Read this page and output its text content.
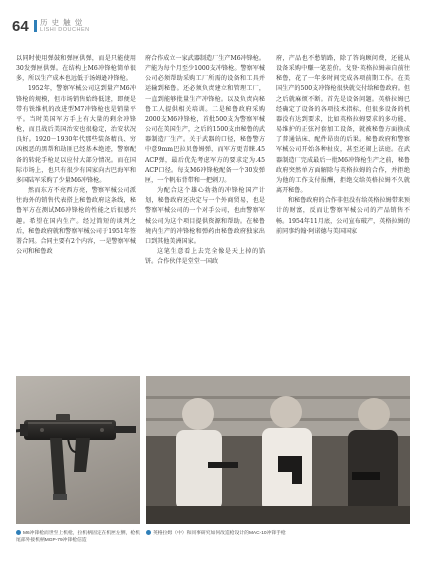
64 历 史 触 觉
LISHI DOUCHEN

以同时使用弹鼓和弹匣供弹，而是只能使用30发弹匣供弹。在结构上M6冲锋枪简单很多，所以生产成本也远低于汤姆逊冲锋枪。

1952年，警察军械公司这到量产M6冲锋枪的规模，但市场销售始终低迷，即便是带有铁维机的改进型M7冲锋枪也是销量平平。当时美国军方手上有大量的剩余冲锋枪，而且战后美国治安也很稳定，治安状况良好。1920－1930年代那些装备精良、穷凶极恶的黑帮和劫匪已经基本绝迹，警察配备的转轮手枪足以应付大部分情况。而在国际市场上，也只有很少有国家向古巴海军和多国陆军采购了少量M6冲锋枪。

然而东方不亮西方亮，警察军械公司派往海外的销售代表搭上秘鲁政府这条线，秘鲁军方在测试M6冲锋枪的性能之后很感兴趣。希望在国内生产。经过简短的谈判之后，秘鲁政府就和警察军械公司于1951年签署合同。合同主要有2个内容，一是警察军械公司和秘鲁政

府合作成立一家武器制造厂生产M6冲锋枪。产能为每个月至少1000支冲锋枪。警察军械公司必须帮助采购工厂所需的设备和工具并运输到秘鲁。还必须负责建立和管理工厂，一直到能够批量生产冲锋枪。以及负责向秘鲁工人提供相关培训。二是秘鲁政府采购2000支M6冲锋枪，首批500支为警察军械公司在美国生产，之后的1500支由秘鲁的武器制造厂生产。关于武器的口径，秘鲁警方中意9mm巴拉贝鲁姆弹，而军方更青睐.45 ACP弹，最后优先考虑军方的要求定为.45 ACP口径。每支M6冲锋枪配备一个30发弹匣，一个帆布背带和一把刺刀。

为配合这个雄心勃勃的冲锋枪国产计划，秘鲁政府还决定与一个外商贸易，也是警察军械公司的一个对手公司，也由警察军械公司为这个项目提供资源和帮助。在秘鲁境内生产的冲锋枪和弹药由秘鲁政府独家出口到其他美洲国家。

这笔生意看上去完全像是天上掉的馅饼。合作伙伴是堂堂一国政

府，产品也不愁销路，除了答询顾问费，还能从设备采购中赚一笔差价。戈登·英格拉姆亲自前往秘鲁，花了一年多时间完成各项前期工作。在美国生产的500支冲锋枪很快就交付给秘鲁政府。但之后就麻烦不断。首先是设备问题。英格拉姆已经确定了设备的各项技术指标，但很多设备的机器没有达到要求，比如英格拉姆要求的多功能、易维护的正弦衬套加工设备，就被秘鲁方面换成了普通钻床、配件昂贵的后果。秘鲁政府和警察军械公司开始各种扯皮，甚至还闹上法庭。在武器制造厂完成最后一批M6冲锋枪生产之前，秘鲁政府突然单方面解除与英格拉姆的合作，并拒绝为他的工作支付报酬，拒绝交给英格拉姆不久就离开秘鲁。

和秘鲁政府的合作非但没有给英格拉姆带来预计的财富，反而让警察军械公司的产品销售不畅。1954年11月底，公司宣布破产，英格拉姆的前同事约翰·阿诺德与美国国家

M6冲锋枪而世至上机枪，拉机柄固定在机匣左侧，枪机尾部外接机柄MGP-79冲锋枪信造
英格拉姆（中）和同事研究如何改造枪设计的MAC-10冲锋手枪
